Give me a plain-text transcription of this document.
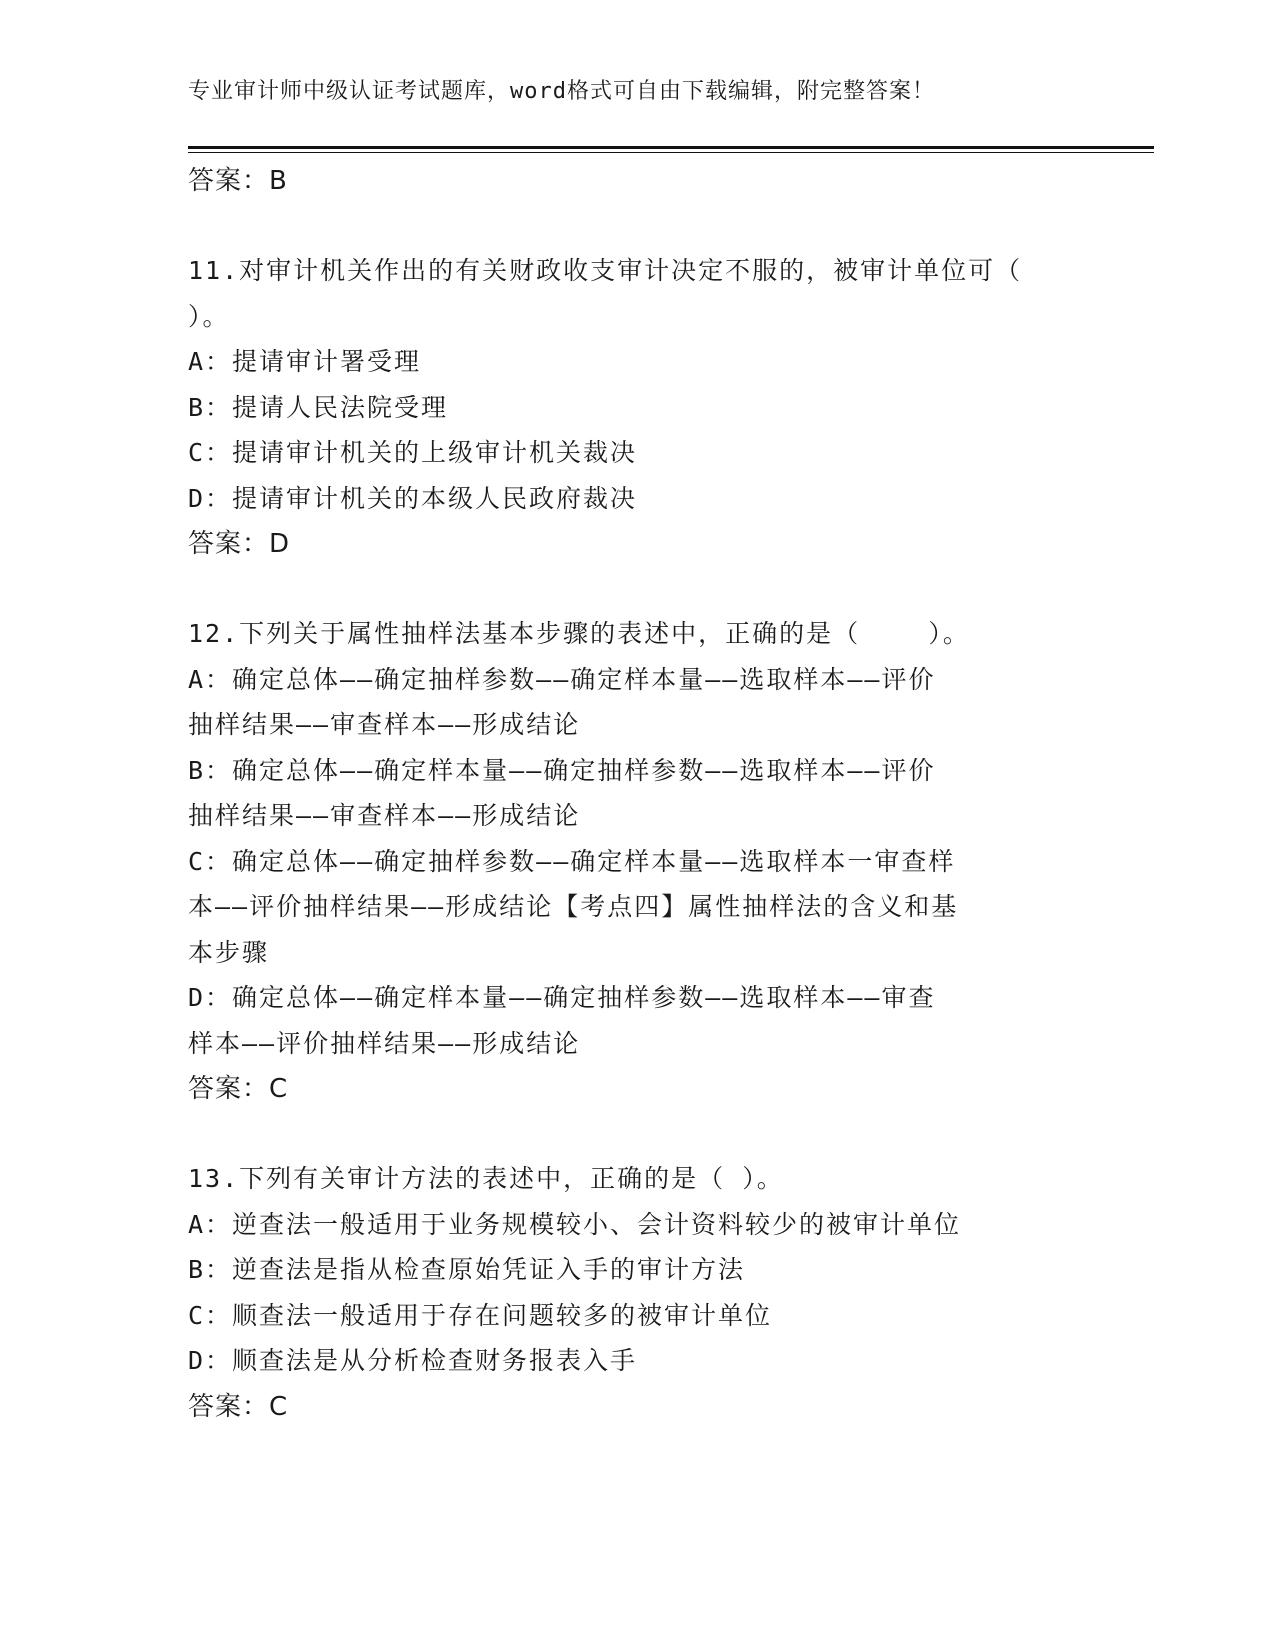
专业审计师中级认证考试题库，word格式可自由下载编辑，附完整答案！
答案：B
11.对审计机关作出的有关财政收支审计决定不服的，被审计单位可（
）。
A：提请审计署受理
B：提请人民法院受理
C：提请审计机关的上级审计机关裁决
D：提请审计机关的本级人民政府裁决
答案：D
12.下列关于属性抽样法基本步骤的表述中，正确的是（    ）。
A：确定总体——确定抽样参数——确定样本量——选取样本——评价
抽样结果——审查样本——形成结论
B：确定总体——确定样本量——确定抽样参数——选取样本——评价
抽样结果——审查样本——形成结论
C：确定总体——确定抽样参数——确定样本量——选取样本一审查样
本——评价抽样结果——形成结论【考点四】属性抽样法的含义和基
本步骤
D：确定总体——确定样本量——确定抽样参数——选取样本——审查
样本——评价抽样结果——形成结论
答案：C
13.下列有关审计方法的表述中，正确的是（ ）。
A：逆查法一般适用于业务规模较小、会计资料较少的被审计单位
B：逆查法是指从检查原始凭证入手的审计方法
C：顺查法一般适用于存在问题较多的被审计单位
D：顺查法是从分析检查财务报表入手
答案：C
